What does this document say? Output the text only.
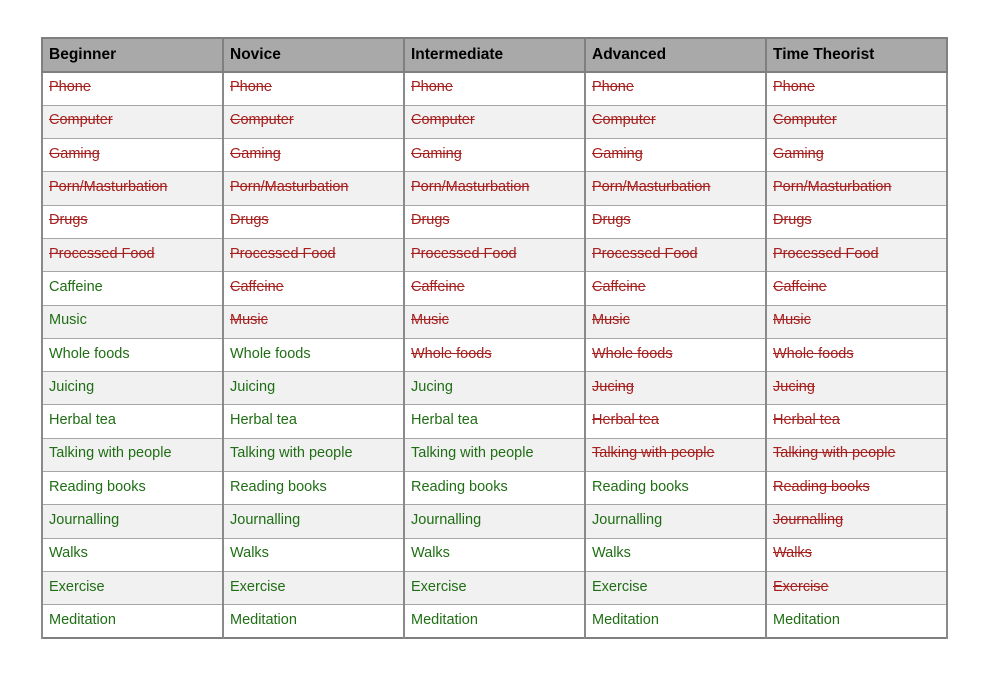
Beginner	Novice	Intermediate	Advanced	Time Theorist
Phone	Phone	Phone	Phone	Phone
Computer	Computer	Computer	Computer	Computer
Gaming	Gaming	Gaming	Gaming	Gaming
Porn/Masturbation	Porn/Masturbation	Porn/Masturbation	Porn/Masturbation	Porn/Masturbation
Drugs	Drugs	Drugs	Drugs	Drugs
Processed Food	Processed Food	Processed Food	Processed Food	Processed Food
Caffeine	Caffeine	Caffeine	Caffeine	Caffeine
Music	Music	Music	Music	Music
Whole foods	Whole foods	Whole foods	Whole foods	Whole foods
Juicing	Juicing	Jucing	Jucing	Jucing
Herbal tea	Herbal tea	Herbal tea	Herbal tea	Herbal tea
Talking with people	Talking with people	Talking with people	Talking with people	Talking with people
Reading books	Reading books	Reading books	Reading books	Reading books
Journalling	Journalling	Journalling	Journalling	Journalling
Walks	Walks	Walks	Walks	Walks
Exercise	Exercise	Exercise	Exercise	Exercise
Meditation	Meditation	Meditation	Meditation	Meditation
